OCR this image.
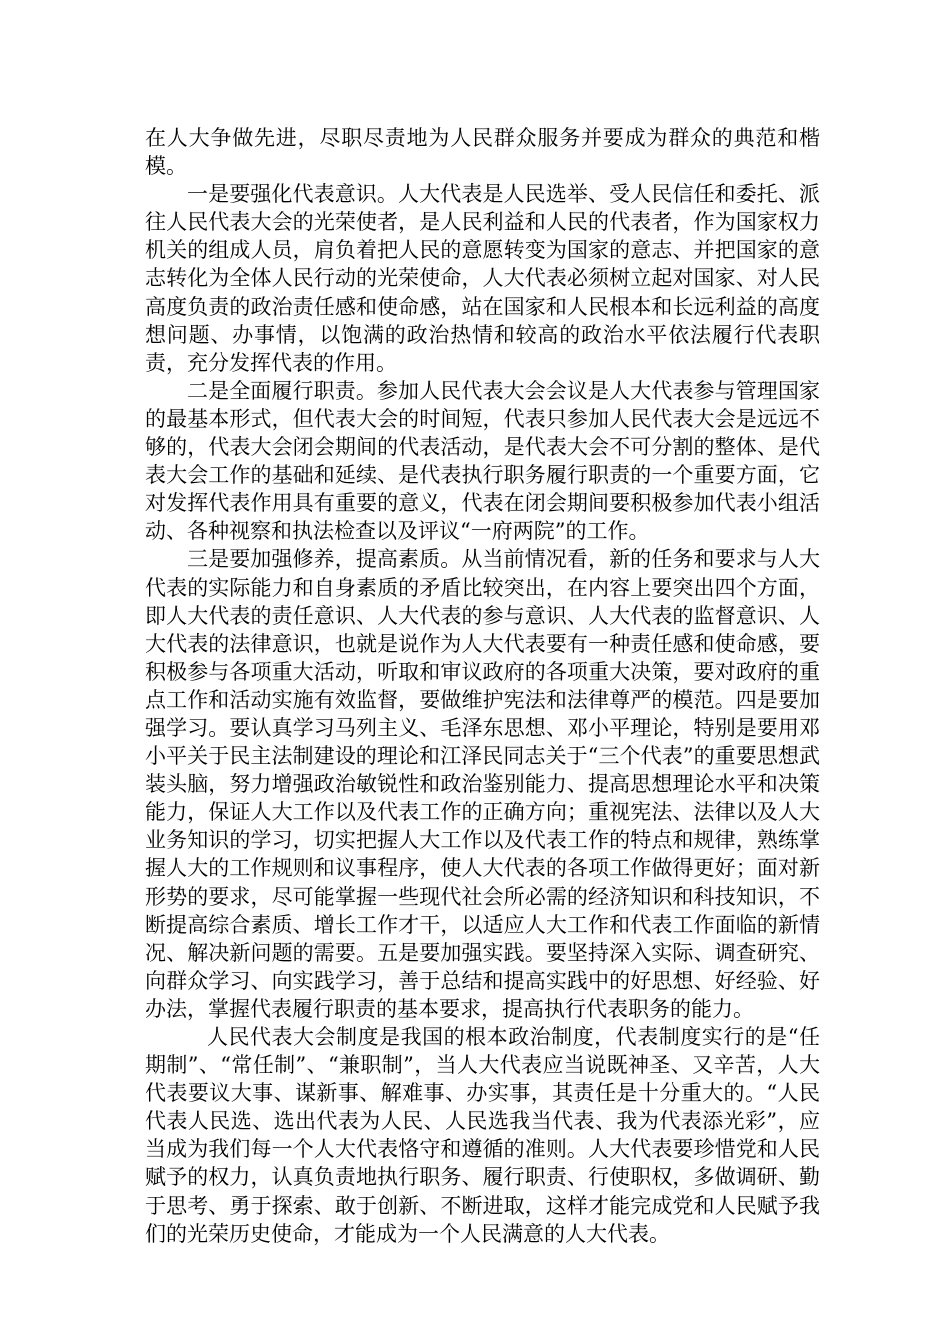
在人大争做先进，尽职尽责地为人民群众服务并要成为群众的典范和楷模。

一是要强化代表意识。人大代表是人民选举、受人民信任和委托、派往人民代表大会的光荣使者，是人民利益和人民的代表者，作为国家权力机关的组成人员，肩负着把人民的意愿转变为国家的意志、并把国家的意志转化为全体人民行动的光荣使命，人大代表必须树立起对国家、对人民高度负责的政治责任感和使命感，站在国家和人民根本和长远利益的高度想问题、办事情，以饱满的政治热情和较高的政治水平依法履行代表职责，充分发挥代表的作用。

二是全面履行职责。参加人民代表大会会议是人大代表参与管理国家的最基本形式，但代表大会的时间短，代表只参加人民代表大会是远远不够的，代表大会闭会期间的代表活动，是代表大会不可分割的整体、是代表大会工作的基础和延续、是代表执行职务履行职责的一个重要方面，它对发挥代表作用具有重要的意义，代表在闭会期间要积极参加代表小组活动、各种视察和执法检查以及评议“一府两院”的工作。

三是要加强修养，提高素质。从当前情况看，新的任务和要求与人大代表的实际能力和自身素质的矛盾比较突出，在内容上要突出四个方面，即人大代表的责任意识、人大代表的参与意识、人大代表的监督意识、人大代表的法律意识，也就是说作为人大代表要有一种责任感和使命感，要积极参与各项重大活动，听取和审议政府的各项重大决策，要对政府的重点工作和活动实施有效监督，要做维护宪法和法律尊严的模范。四是要加强学习。要认真学习马列主义、毛泽东思想、邓小平理论，特别是要用邓小平关于民主法制建设的理论和江泽民同志关于“三个代表”的重要思想武装头脑，努力增强政治敏锐性和政治鉴别能力、提高思想理论水平和决策能力，保证人大工作以及代表工作的正确方向；重视宪法、法律以及人大业务知识的学习，切实把握人大工作以及代表工作的特点和规律，熟练掌握人大的工作规则和议事程序，使人大代表的各项工作做得更好；面对新形势的要求，尽可能掌握一些现代社会所必需的经济知识和科技知识，不断提高综合素质、增长工作才干，以适应人大工作和代表工作面临的新情况、解决新问题的需要。五是要加强实践。要坚持深入实际、调查研究、向群众学习、向实践学习，善于总结和提高实践中的好思想、好经验、好办法，掌握代表履行职责的基本要求，提高执行代表职务的能力。

人民代表大会制度是我国的根本政治制度，代表制度实行的是“任期制”、“常任制”、“兼职制”，当人大代表应当说既神圣、又辛苦，人大代表要议大事、谋新事、解难事、办实事，其责任是十分重大的。“人民代表人民选、选出代表为人民、人民选我当代表、我为代表添光彩”，应当成为我们每一个人大代表恪守和遵循的准则。人大代表要珍惜党和人民赋予的权力，认真负责地执行职务、履行职责、行使职权，多做调研、勤于思考、勇于探索、敢于创新、不断进取，这样才能完成党和人民赋予我们的光荣历史使命，才能成为一个人民满意的人大代表。
